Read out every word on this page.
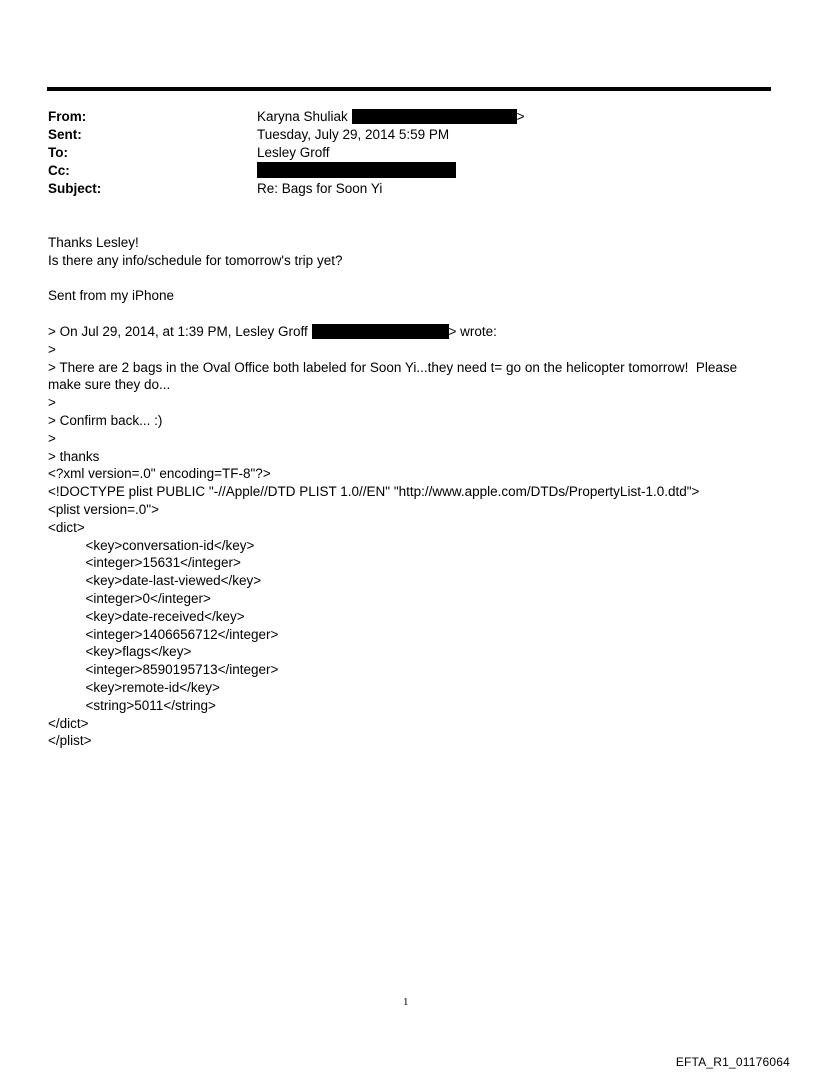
From:	Karyna Shuliak	>
Sent:	Tuesday, July 29, 2014 5:59 PM
To:	Lesley Groff
Cc:
Subject:	Re: Bags for Soon Yi
Thanks Lesley!
Is there any info/schedule for tomorrow's trip yet?
Sent from my iPhone
> On Jul 29, 2014, at 1:39 PM, Lesley Groff	> wrote:
>
> There are 2 bags in the Oval Office both labeled for Soon Yi...they need t= go on the helicopter tomorrow!  Please make sure they do...
>
> Confirm back... :)
>
> thanks
<?xml version=.0" encoding=TF-8"?>
<!DOCTYPE plist PUBLIC "-//Apple//DTD PLIST 1.0//EN" "http://www.apple.com/DTDs/PropertyList-1.0.dtd">
<plist version=.0">
<dict>
<key>conversation-id</key>
<integer>15631</integer>
<key>date-last-viewed</key>
<integer>0</integer>
<key>date-received</key>
<integer>1406656712</integer>
<key>flags</key>
<integer>8590195713</integer>
<key>remote-id</key>
<string>5011</string>
</dict>
</plist>
1
EFTA_R1_01176064
